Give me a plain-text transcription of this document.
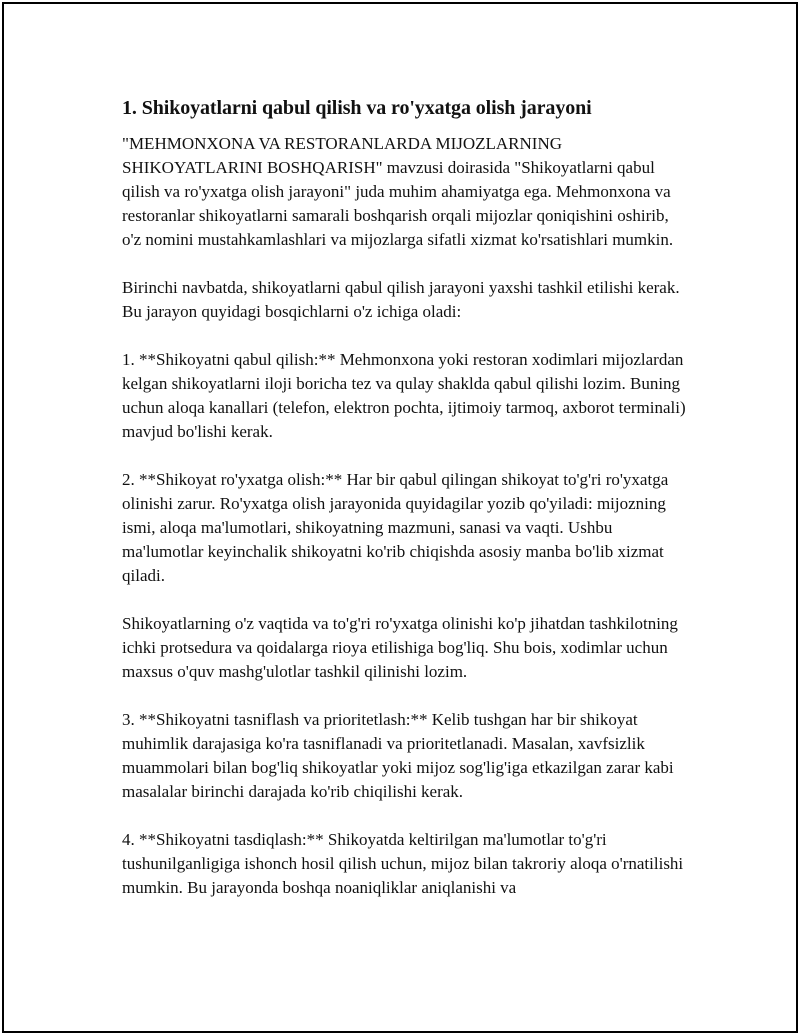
1. Shikoyatlarni qabul qilish va ro'yxatga olish jarayoni

"MEHMONXONA VA RESTORANLARDA MIJOZLARNING SHIKOYATLARINI BOSHQARISH" mavzusi doirasida "Shikoyatlarni qabul qilish va ro'yxatga olish jarayoni" juda muhim ahamiyatga ega. Mehmonxona va restoranlar shikoyatlarni samarali boshqarish orqali mijozlar qoniqishini oshirib, o'z nomini mustahkamlashlari va mijozlarga sifatli xizmat ko'rsatishlari mumkin.

Birinchi navbatda, shikoyatlarni qabul qilish jarayoni yaxshi tashkil etilishi kerak. Bu jarayon quyidagi bosqichlarni o'z ichiga oladi:

1. **Shikoyatni qabul qilish:** Mehmonxona yoki restoran xodimlari mijozlardan kelgan shikoyatlarni iloji boricha tez va qulay shaklda qabul qilishi lozim. Buning uchun aloqa kanallari (telefon, elektron pochta, ijtimoiy tarmoq, axborot terminali) mavjud bo'lishi kerak.

2. **Shikoyat ro'yxatga olish:** Har bir qabul qilingan shikoyat to'g'ri ro'yxatga olinishi zarur. Ro'yxatga olish jarayonida quyidagilar yozib qo'yiladi: mijozning ismi, aloqa ma'lumotlari, shikoyatning mazmuni, sanasi va vaqti. Ushbu ma'lumotlar keyinchalik shikoyatni ko'rib chiqishda asosiy manba bo'lib xizmat qiladi.

Shikoyatlarning o'z vaqtida va to'g'ri ro'yxatga olinishi ko'p jihatdan tashkilotning ichki protsedura va qoidalarga rioya etilishiga bog'liq. Shu bois, xodimlar uchun maxsus o'quv mashg'ulotlar tashkil qilinishi lozim.

3. **Shikoyatni tasniflash va prioritetlash:** Kelib tushgan har bir shikoyat muhimlik darajasiga ko'ra tasniflanadi va prioritetlanadi. Masalan, xavfsizlik muammolari bilan bog'liq shikoyatlar yoki mijoz sog'lig'iga etkazilgan zarar kabi masalalar birinchi darajada ko'rib chiqilishi kerak.

4. **Shikoyatni tasdiqlash:** Shikoyatda keltirilgan ma'lumotlar to'g'ri tushunilganligiga ishonch hosil qilish uchun, mijoz bilan takroriy aloqa o'rnatilishi mumkin. Bu jarayonda boshqa noaniqliklar aniqlanishi va
